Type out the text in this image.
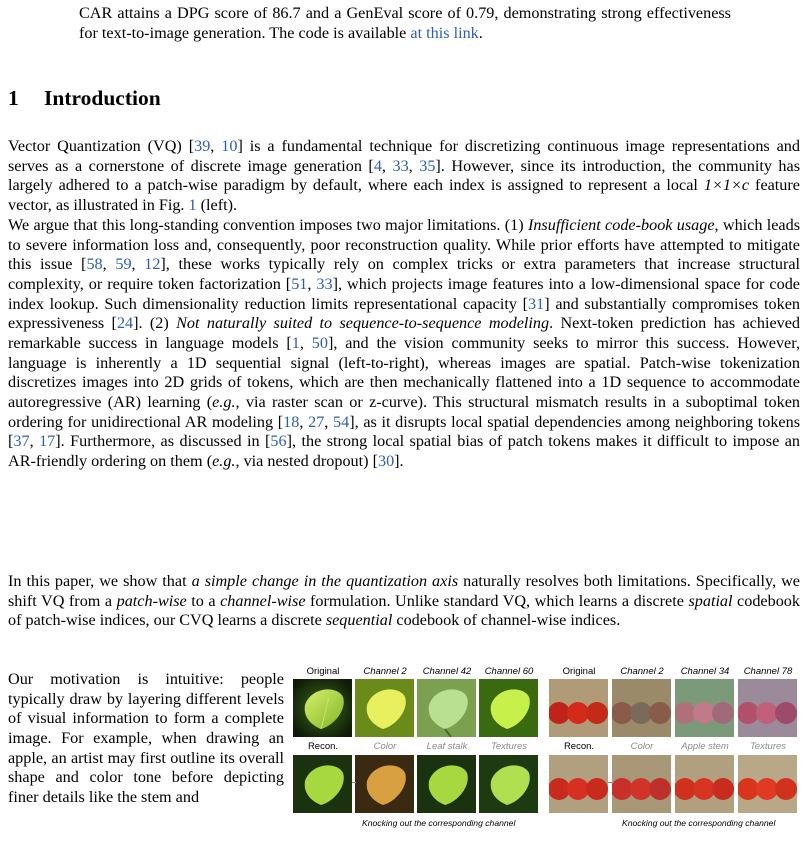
CAR attains a DPG score of 86.7 and a GenEval score of 0.79, demonstrating strong effectiveness for text-to-image generation. The code is available at this link.
1 Introduction

Vector Quantization (VQ) [39, 10] is a fundamental technique for discretizing continuous image representations and serves as a cornerstone of discrete image generation [4, 33, 35]. However, since its introduction, the community has largely adhered to a patch-wise paradigm by default, where each index is assigned to represent a local 1×1×c feature vector, as illustrated in Fig. 1 (left).

We argue that this long-standing convention imposes two major limitations. (1) Insufficient code-book usage, which leads to severe information loss and, consequently, poor reconstruction quality. While prior efforts have attempted to mitigate this issue [58, 59, 12], these works typically rely on complex tricks or extra parameters that increase structural complexity, or require token factorization [51, 33], which projects image features into a low-dimensional space for code index lookup. Such dimensionality reduction limits representational capacity [31] and substantially compromises token expressiveness [24]. (2) Not naturally suited to sequence-to-sequence modeling. Next-token prediction has achieved remarkable success in language models [1, 50], and the vision community seeks to mirror this success. However, language is inherently a 1D sequential signal (left-to-right), whereas images are spatial. Patch-wise tokenization discretizes images into 2D grids of tokens, which are then mechanically flattened into a 1D sequence to accommodate autoregressive (AR) learning (e.g., via raster scan or z-curve). This structural mismatch results in a suboptimal token ordering for unidirectional AR modeling [18, 27, 54], as it disrupts local spatial dependencies among neighboring tokens [37, 17]. Furthermore, as discussed in [56], the strong local spatial bias of patch tokens makes it difficult to impose an AR-friendly ordering on them (e.g., via nested dropout) [30].

In this paper, we show that a simple change in the quantization axis naturally resolves both limitations. Specifically, we shift VQ from a patch-wise to a channel-wise formulation. Unlike standard VQ, which learns a discrete spatial codebook of patch-wise indices, our CVQ learns a discrete sequential codebook of channel-wise indices.

Our motivation is intuitive: people typically draw by layering different levels of visual information to form a complete image. For example, when drawing an apple, an artist may first outline its overall shape and color tone before depicting finer details like the stem and

Original	Channel 2	Channel 42	Channel 60	Original	Channel 2	Channel 34	Channel 78
Recon.	Color	Leaf stalk	Textures	Recon.	Color	Apple stem	Textures
Knocking out the corresponding channel	Knocking out the corresponding channel
